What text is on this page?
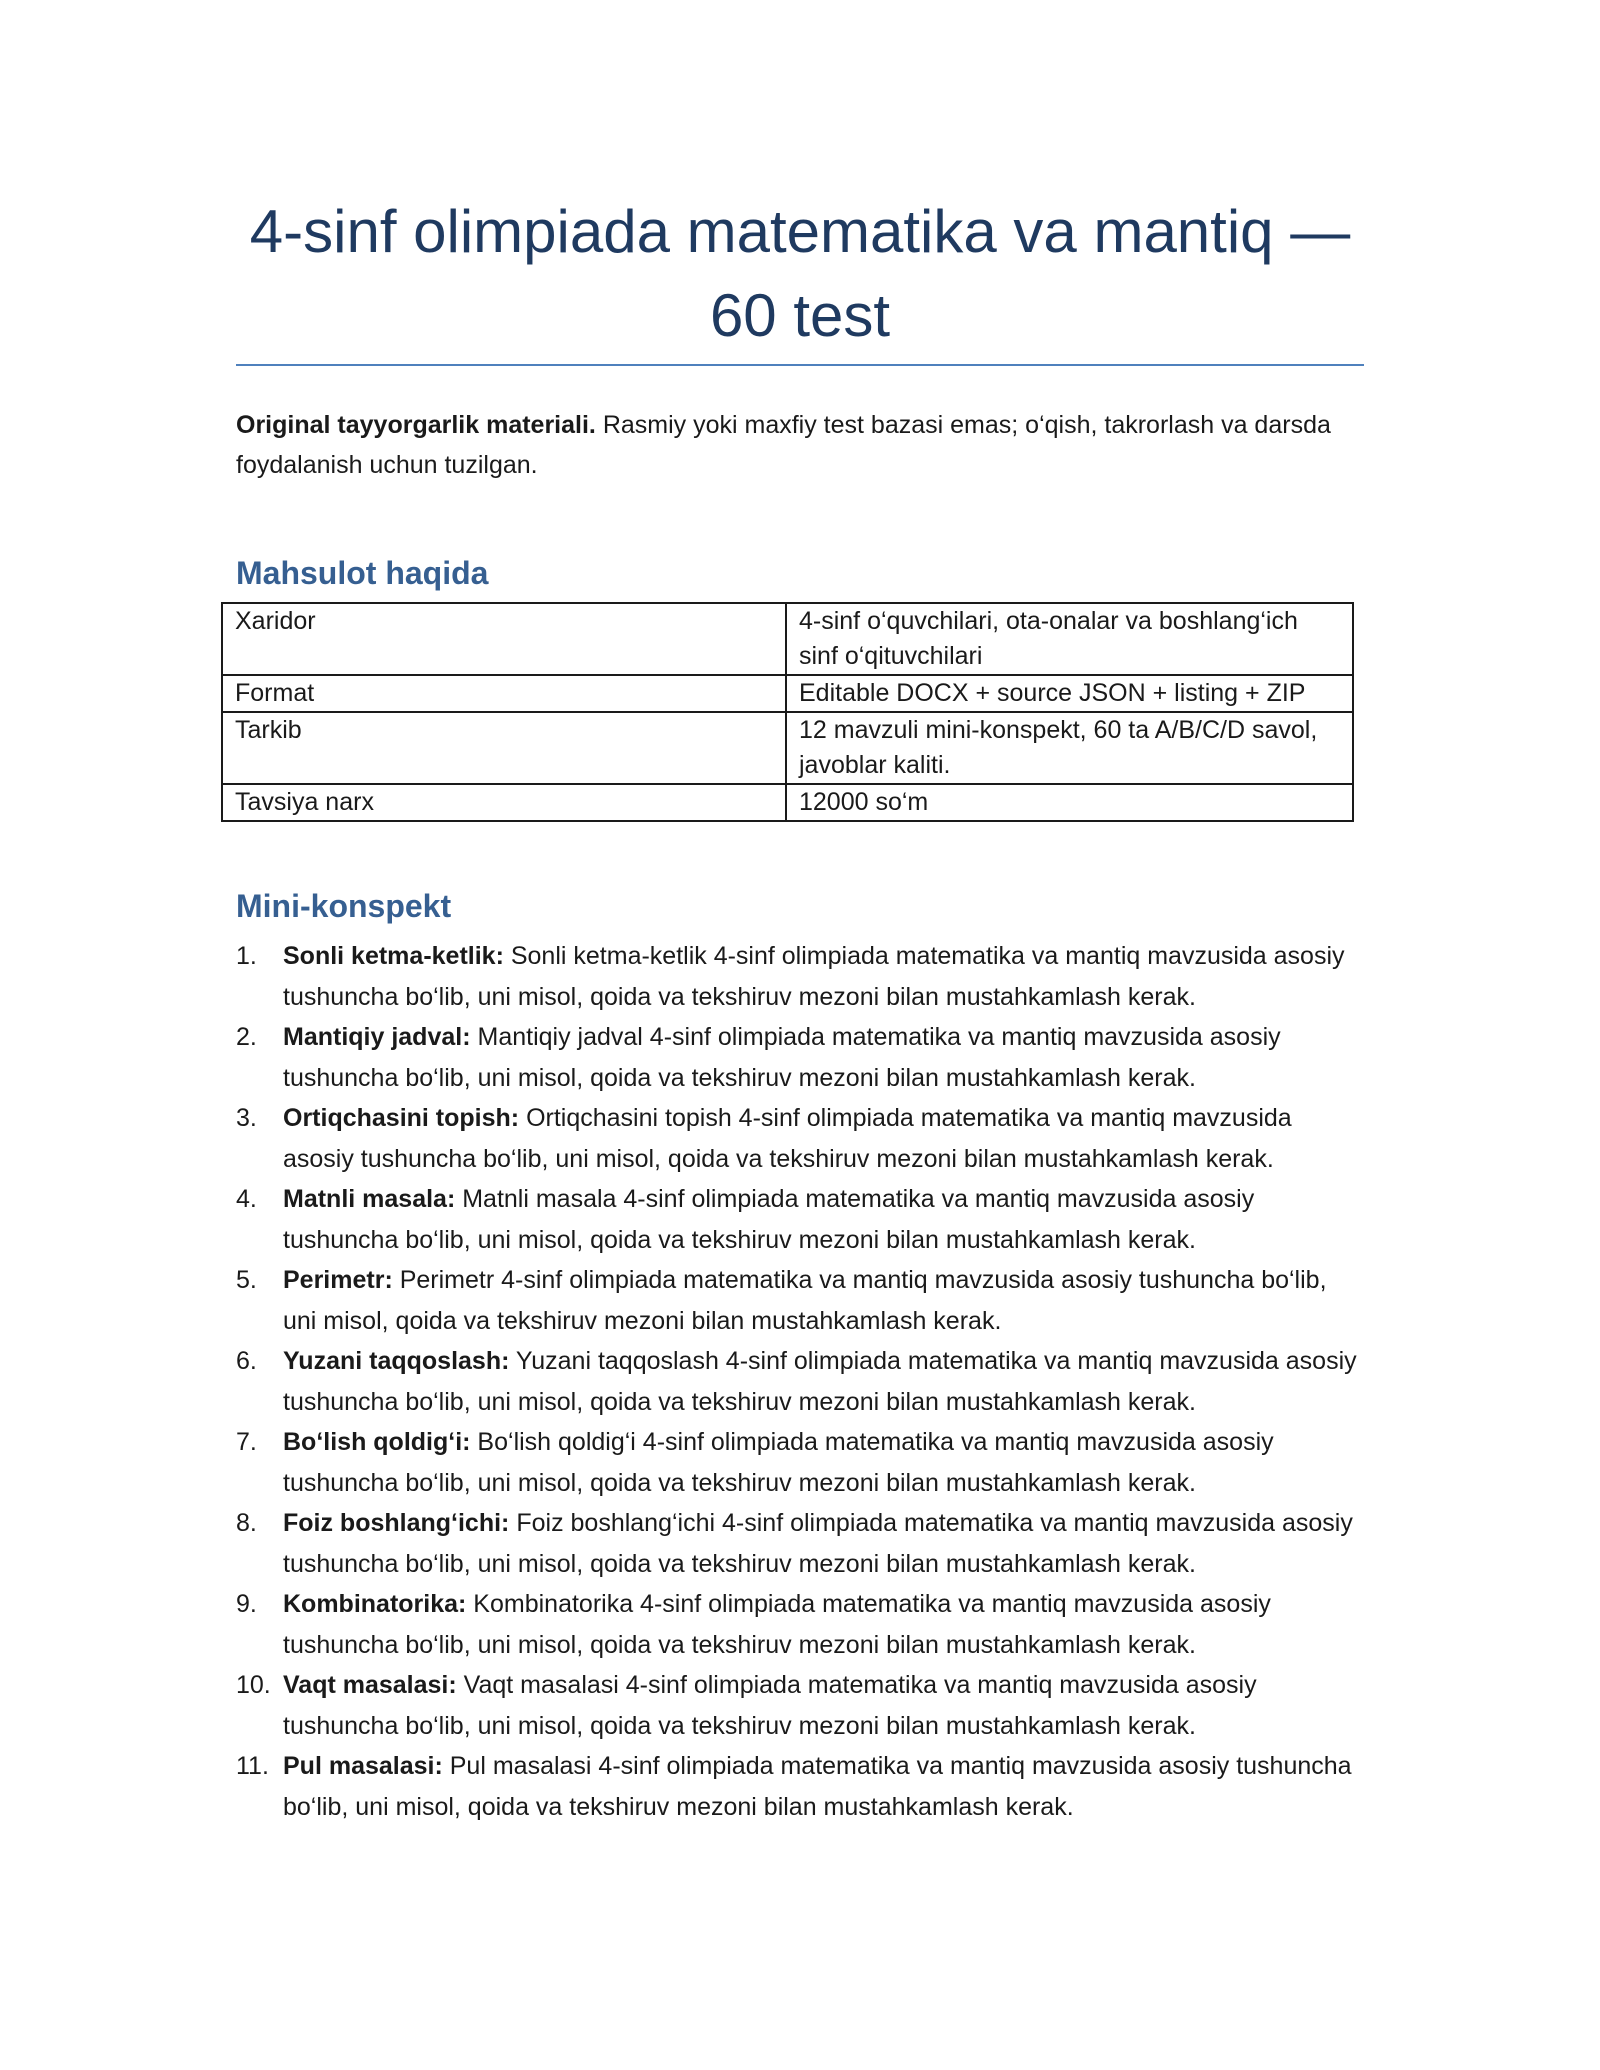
4-sinf olimpiada matematika va mantiq — 60 test

Original tayyorgarlik materiali. Rasmiy yoki maxfiy test bazasi emas; o‘qish, takrorlash va darsda foydalanish uchun tuzilgan.

Mahsulot haqida
Xaridor	4-sinf o‘quvchilari, ota-onalar va boshlang‘ich sinf o‘qituvchilari
Format	Editable DOCX + source JSON + listing + ZIP
Tarkib	12 mavzuli mini-konspekt, 60 ta A/B/C/D savol, javoblar kaliti.
Tavsiya narx	12000 so‘m
Mini-konspekt
1. Sonli ketma-ketlik: Sonli ketma-ketlik 4-sinf olimpiada matematika va mantiq mavzusida asosiy tushuncha bo‘lib, uni misol, qoida va tekshiruv mezoni bilan mustahkamlash kerak.
2. Mantiqiy jadval: Mantiqiy jadval 4-sinf olimpiada matematika va mantiq mavzusida asosiy tushuncha bo‘lib, uni misol, qoida va tekshiruv mezoni bilan mustahkamlash kerak.
3. Ortiqchasini topish: Ortiqchasini topish 4-sinf olimpiada matematika va mantiq mavzusida asosiy tushuncha bo‘lib, uni misol, qoida va tekshiruv mezoni bilan mustahkamlash kerak.
4. Matnli masala: Matnli masala 4-sinf olimpiada matematika va mantiq mavzusida asosiy tushuncha bo‘lib, uni misol, qoida va tekshiruv mezoni bilan mustahkamlash kerak.
5. Perimetr: Perimetr 4-sinf olimpiada matematika va mantiq mavzusida asosiy tushuncha bo‘lib, uni misol, qoida va tekshiruv mezoni bilan mustahkamlash kerak.
6. Yuzani taqqoslash: Yuzani taqqoslash 4-sinf olimpiada matematika va mantiq mavzusida asosiy tushuncha bo‘lib, uni misol, qoida va tekshiruv mezoni bilan mustahkamlash kerak.
7. Bo‘lish qoldig‘i: Bo‘lish qoldig‘i 4-sinf olimpiada matematika va mantiq mavzusida asosiy tushuncha bo‘lib, uni misol, qoida va tekshiruv mezoni bilan mustahkamlash kerak.
8. Foiz boshlang‘ichi: Foiz boshlang‘ichi 4-sinf olimpiada matematika va mantiq mavzusida asosiy tushuncha bo‘lib, uni misol, qoida va tekshiruv mezoni bilan mustahkamlash kerak.
9. Kombinatorika: Kombinatorika 4-sinf olimpiada matematika va mantiq mavzusida asosiy tushuncha bo‘lib, uni misol, qoida va tekshiruv mezoni bilan mustahkamlash kerak.
10. Vaqt masalasi: Vaqt masalasi 4-sinf olimpiada matematika va mantiq mavzusida asosiy tushuncha bo‘lib, uni misol, qoida va tekshiruv mezoni bilan mustahkamlash kerak.
11. Pul masalasi: Pul masalasi 4-sinf olimpiada matematika va mantiq mavzusida asosiy tushuncha bo‘lib, uni misol, qoida va tekshiruv mezoni bilan mustahkamlash kerak.
